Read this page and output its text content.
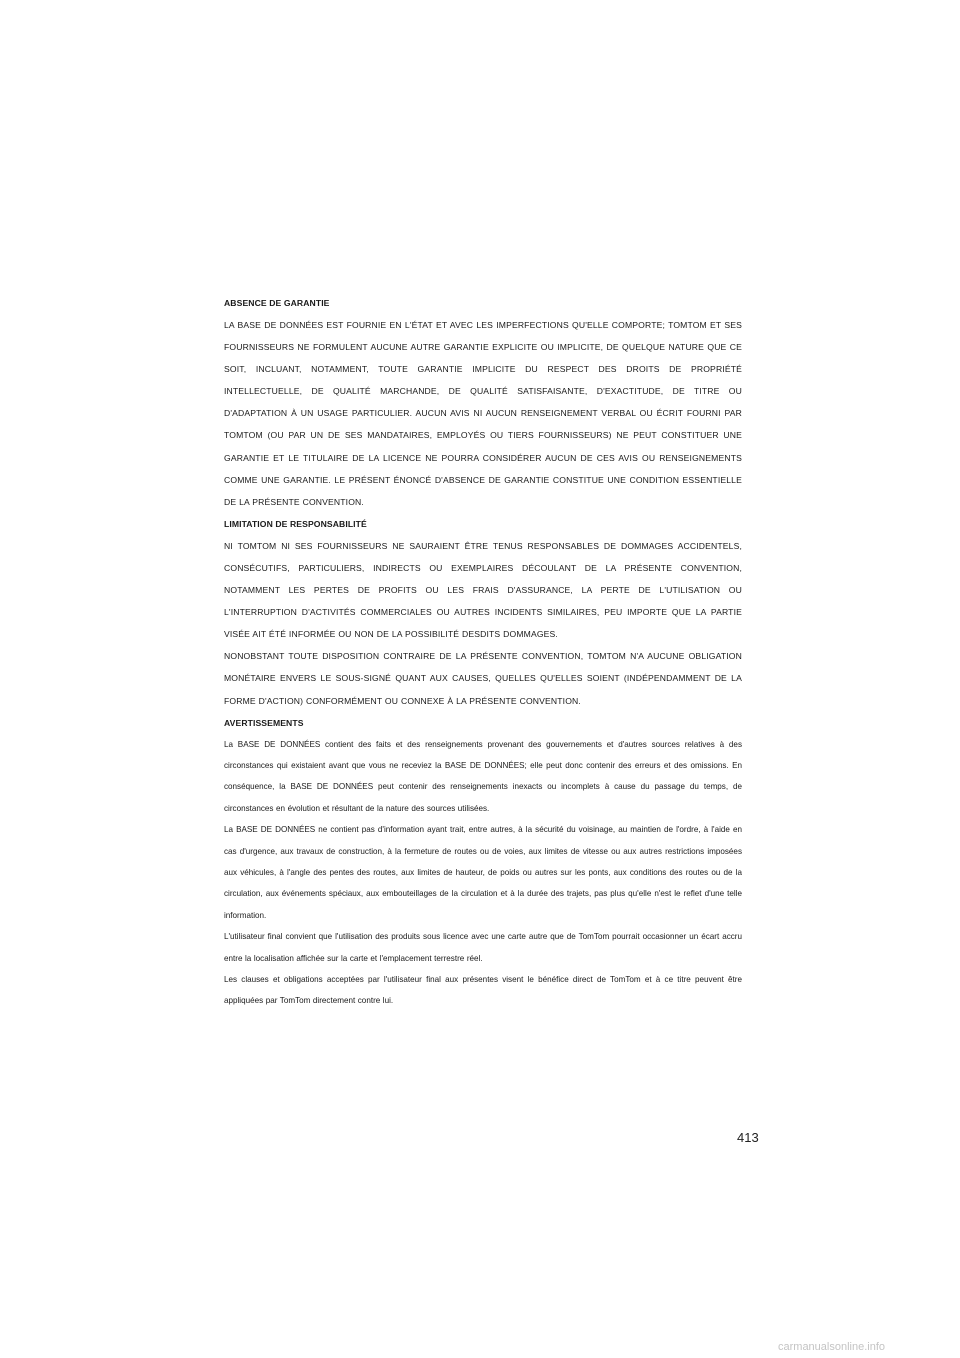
ABSENCE DE GARANTIE

LA BASE DE DONNÉES EST FOURNIE EN L'ÉTAT ET AVEC LES IMPERFECTIONS QU'ELLE COMPORTE; TOMTOM ET SES FOURNISSEURS NE FORMULENT AUCUNE AUTRE GARANTIE EXPLICITE OU IMPLICITE, DE QUELQUE NATURE QUE CE SOIT, INCLUANT, NOTAMMENT, TOUTE GARANTIE IMPLICITE DU RESPECT DES DROITS DE PROPRIÉTÉ INTELLECTUELLE, DE QUALITÉ MARCHANDE, DE QUALITÉ SATISFAISANTE, D'EXACTITUDE, DE TITRE OU D'ADAPTATION À UN USAGE PARTICULIER. AUCUN AVIS NI AUCUN RENSEIGNEMENT VERBAL OU ÉCRIT FOURNI PAR TOMTOM (OU PAR UN DE SES MANDATAIRES, EMPLOYÉS OU TIERS FOURNISSEURS) NE PEUT CONSTITUER UNE GARANTIE ET LE TITULAIRE DE LA LICENCE NE POURRA CONSIDÉRER AUCUN DE CES AVIS OU RENSEIGNEMENTS COMME UNE GARANTIE. LE PRÉSENT ÉNONCÉ D'ABSENCE DE GARANTIE CONSTITUE UNE CONDITION ESSENTIELLE DE LA PRÉSENTE CONVENTION.

LIMITATION DE RESPONSABILITÉ

NI TOMTOM NI SES FOURNISSEURS NE SAURAIENT ÊTRE TENUS RESPONSABLES DE DOMMAGES ACCIDENTELS, CONSÉCUTIFS, PARTICULIERS, INDIRECTS OU EXEMPLAIRES DÉCOULANT DE LA PRÉSENTE CONVENTION, NOTAMMENT LES PERTES DE PROFITS OU LES FRAIS D'ASSURANCE, LA PERTE DE L'UTILISATION OU L'INTERRUPTION D'ACTIVITÉS COMMERCIALES OU AUTRES INCIDENTS SIMILAIRES, PEU IMPORTE QUE LA PARTIE VISÉE AIT ÉTÉ INFORMÉE OU NON DE LA POSSIBILITÉ DESDITS DOMMAGES.

NONOBSTANT TOUTE DISPOSITION CONTRAIRE DE LA PRÉSENTE CONVENTION, TOMTOM N'A AUCUNE OBLIGATION MONÉTAIRE ENVERS LE SOUS-SIGNÉ QUANT AUX CAUSES, QUELLES QU'ELLES SOIENT (INDÉPENDAMMENT DE LA FORME D'ACTION) CONFORMÉMENT OU CONNEXE À LA PRÉSENTE CONVENTION.

AVERTISSEMENTS

La BASE DE DONNÉES contient des faits et des renseignements provenant des gouvernements et d'autres sources relatives à des circonstances qui existaient avant que vous ne receviez la BASE DE DONNÉES; elle peut donc contenir des erreurs et des omissions. En conséquence, la BASE DE DONNÉES peut contenir des renseignements inexacts ou incomplets à cause du passage du temps, de circonstances en évolution et résultant de la nature des sources utilisées.

La BASE DE DONNÉES ne contient pas d'information ayant trait, entre autres, à la sécurité du voisinage, au maintien de l'ordre, à l'aide en cas d'urgence, aux travaux de construction, à la fermeture de routes ou de voies, aux limites de vitesse ou aux autres restrictions imposées aux véhicules, à l'angle des pentes des routes, aux limites de hauteur, de poids ou autres sur les ponts, aux conditions des routes ou de la circulation, aux événements spéciaux, aux embouteillages de la circulation et à la durée des trajets, pas plus qu'elle n'est le reflet d'une telle information.

L'utilisateur final convient que l'utilisation des produits sous licence avec une carte autre que de TomTom pourrait occasionner un écart accru entre la localisation affichée sur la carte et l'emplacement terrestre réel.

Les clauses et obligations acceptées par l'utilisateur final aux présentes visent le bénéfice direct de TomTom et à ce titre peuvent être appliquées par TomTom directement contre lui.

413

carmanualsonline.info
